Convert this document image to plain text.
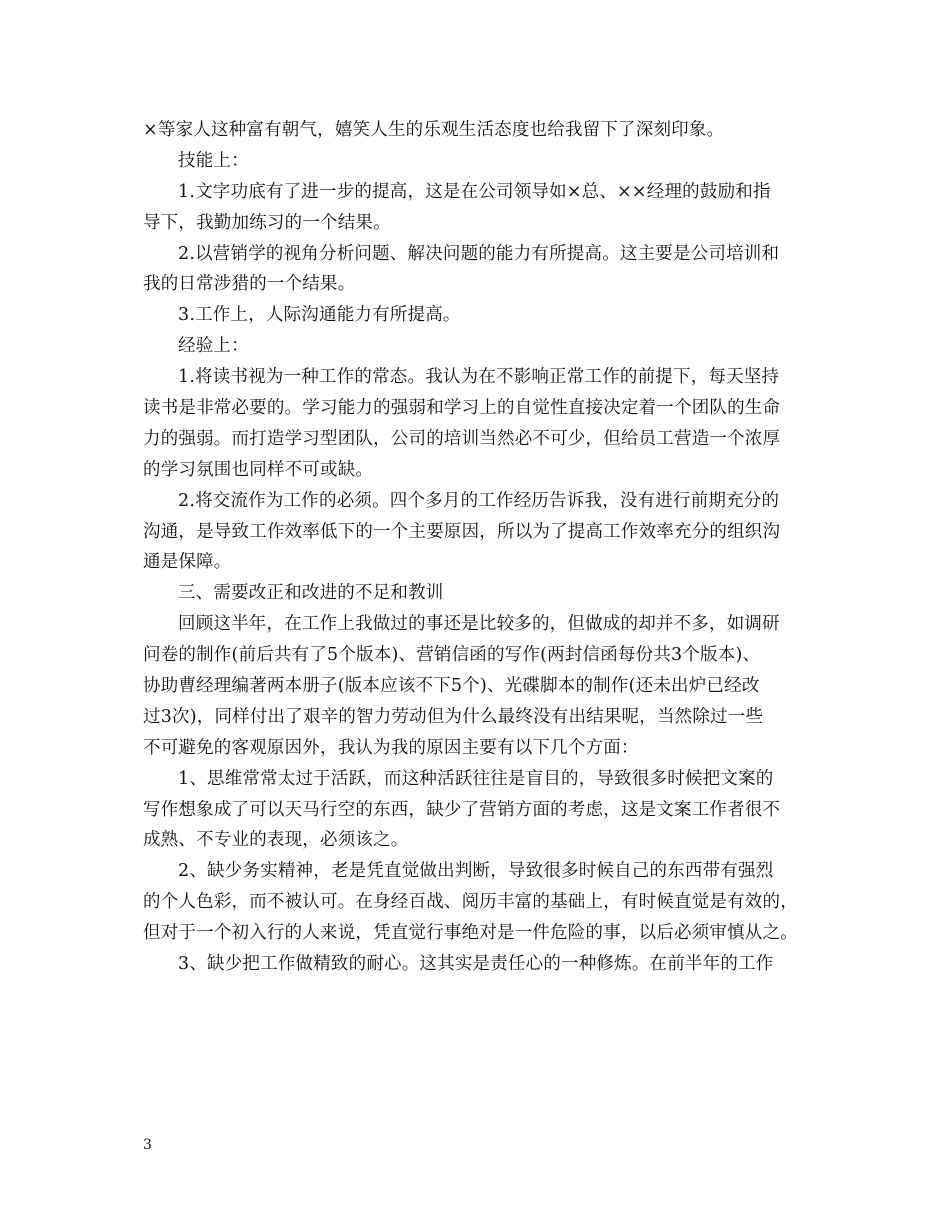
×等家人这种富有朝气，嬉笑人生的乐观生活态度也给我留下了深刻印象。
技能上：
1.文字功底有了进一步的提高，这是在公司领导如×总、××经理的鼓励和指
导下，我勤加练习的一个结果。
2.以营销学的视角分析问题、解决问题的能力有所提高。这主要是公司培训和
我的日常涉猎的一个结果。
3.工作上，人际沟通能力有所提高。
经验上：
1.将读书视为一种工作的常态。我认为在不影响正常工作的前提下，每天坚持
读书是非常必要的。学习能力的强弱和学习上的自觉性直接决定着一个团队的生命
力的强弱。而打造学习型团队，公司的培训当然必不可少，但给员工营造一个浓厚
的学习氛围也同样不可或缺。
2.将交流作为工作的必须。四个多月的工作经历告诉我，没有进行前期充分的
沟通，是导致工作效率低下的一个主要原因，所以为了提高工作效率充分的组织沟
通是保障。
三、需要改正和改进的不足和教训
回顾这半年，在工作上我做过的事还是比较多的，但做成的却并不多，如调研
问卷的制作(前后共有了5个版本)、营销信函的写作(两封信函每份共3个版本)、
协助曹经理编著两本册子(版本应该不下5个)、光碟脚本的制作(还未出炉已经改
过3次)，同样付出了艰辛的智力劳动但为什么最终没有出结果呢，当然除过一些
不可避免的客观原因外，我认为我的原因主要有以下几个方面：
1、思维常常太过于活跃，而这种活跃往往是盲目的，导致很多时候把文案的
写作想象成了可以天马行空的东西，缺少了营销方面的考虑，这是文案工作者很不
成熟、不专业的表现，必须该之。
2、缺少务实精神，老是凭直觉做出判断，导致很多时候自己的东西带有强烈
的个人色彩，而不被认可。在身经百战、阅历丰富的基础上，有时候直觉是有效的，
但对于一个初入行的人来说，凭直觉行事绝对是一件危险的事，以后必须审慎从之。
3、缺少把工作做精致的耐心。这其实是责任心的一种修炼。在前半年的工作
3
